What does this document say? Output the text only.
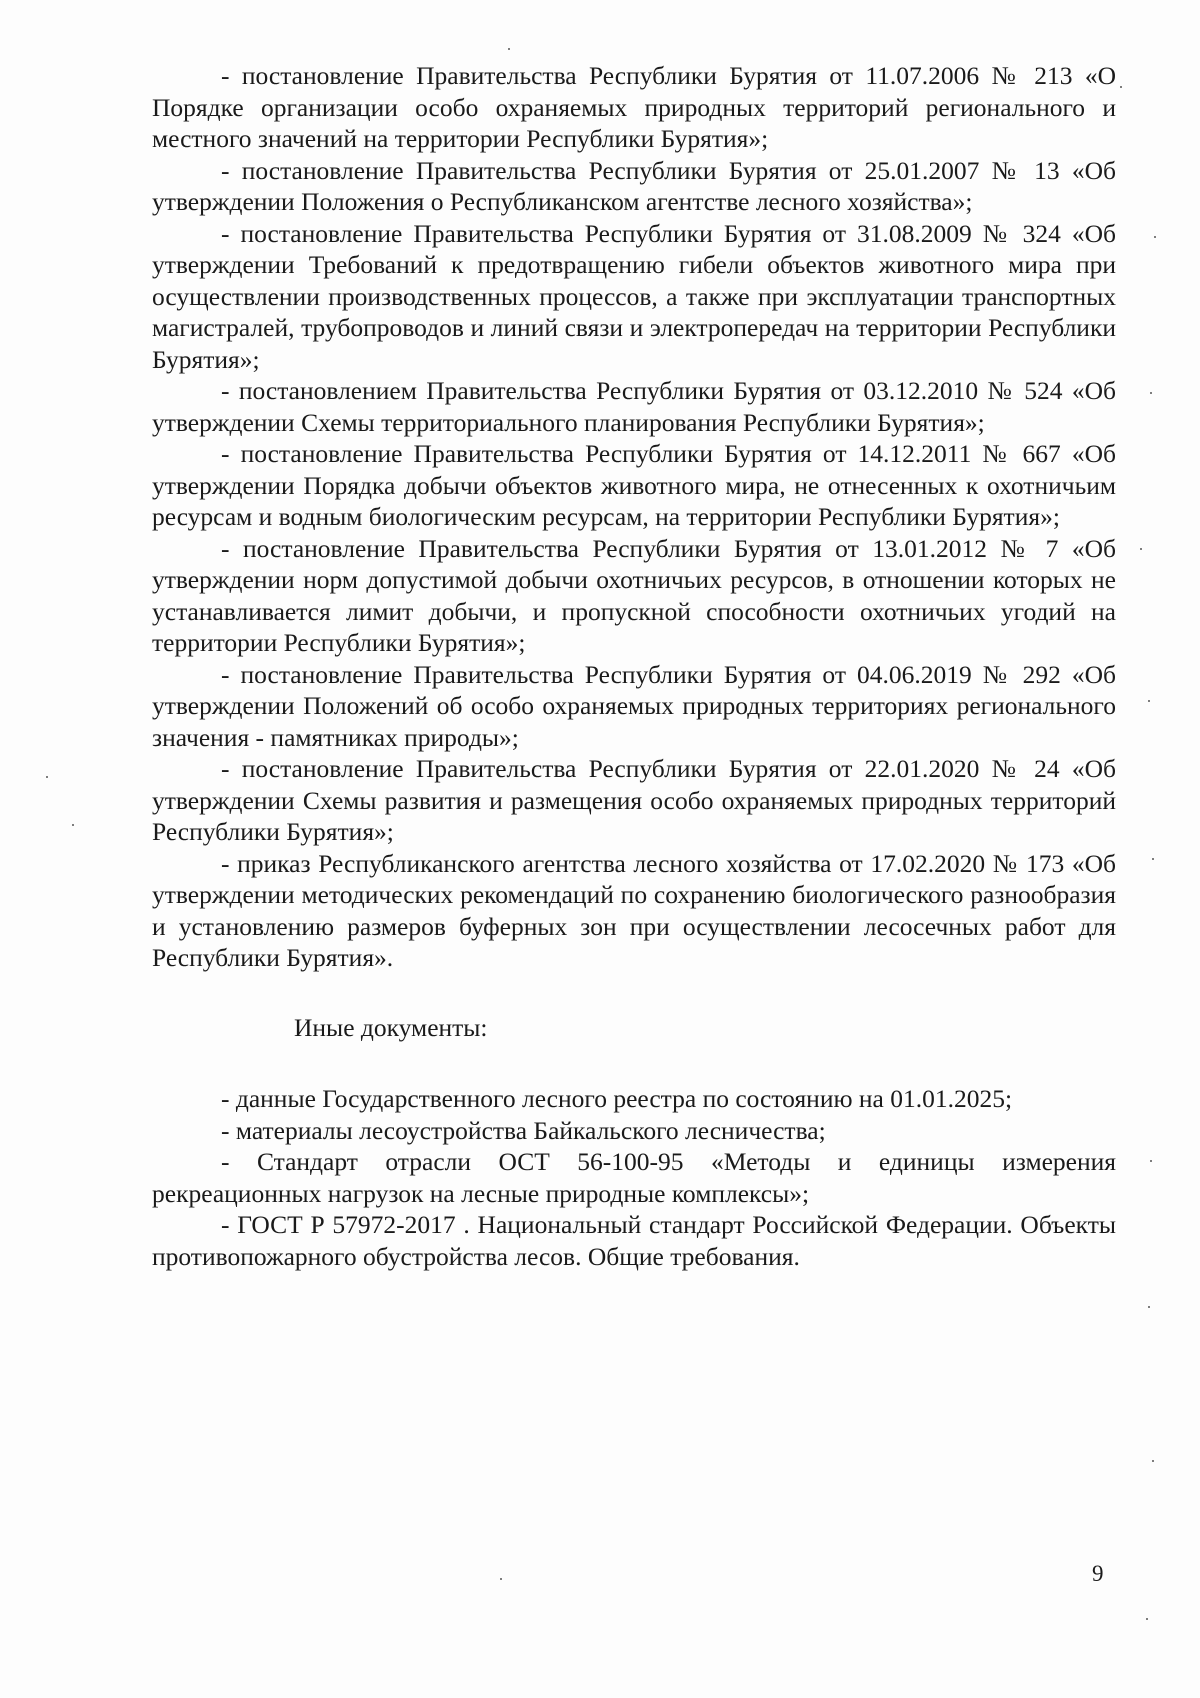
- постановление Правительства Республики Бурятия от 11.07.2006 № 213 «О Порядке организации особо охраняемых природных территорий регионального и местного значений на территории Республики Бурятия»;

- постановление Правительства Республики Бурятия от 25.01.2007 № 13 «Об утверждении Положения о Республиканском агентстве лесного хозяйства»;

- постановление Правительства Республики Бурятия от 31.08.2009 № 324 «Об утверждении Требований к предотвращению гибели объектов животного мира при осуществлении производственных процессов, а также при эксплуатации транспортных магистралей, трубопроводов и линий связи и электропередач на территории Республики Бурятия»;

- постановлением Правительства Республики Бурятия от 03.12.2010 № 524 «Об утверждении Схемы территориального планирования Республики Бурятия»;

- постановление Правительства Республики Бурятия от 14.12.2011 № 667 «Об утверждении Порядка добычи объектов животного мира, не отнесенных к охотничьим ресурсам и водным биологическим ресурсам, на территории Республики Бурятия»;

- постановление Правительства Республики Бурятия от 13.01.2012 № 7 «Об утверждении норм допустимой добычи охотничьих ресурсов, в отношении которых не устанавливается лимит добычи, и пропускной способности охотничьих угодий на территории Республики Бурятия»;

- постановление Правительства Республики Бурятия от 04.06.2019 № 292 «Об утверждении Положений об особо охраняемых природных территориях регионального значения - памятниках природы»;

- постановление Правительства Республики Бурятия от 22.01.2020 № 24 «Об утверждении Схемы развития и размещения особо охраняемых природных территорий Республики Бурятия»;

- приказ Республиканского агентства лесного хозяйства от 17.02.2020 № 173 «Об утверждении методических рекомендаций по сохранению биологического разнообразия и установлению размеров буферных зон при осуществлении лесосечных работ для Республики Бурятия».

Иные документы:

- данные Государственного лесного реестра по состоянию на 01.01.2025;

- материалы лесоустройства Байкальского лесничества;

- Стандарт отрасли ОСТ 56-100-95 «Методы и единицы измерения рекреационных нагрузок на лесные природные комплексы»;

- ГОСТ Р 57972-2017 . Национальный стандарт Российской Федерации. Объекты противопожарного обустройства лесов. Общие требования.

9
